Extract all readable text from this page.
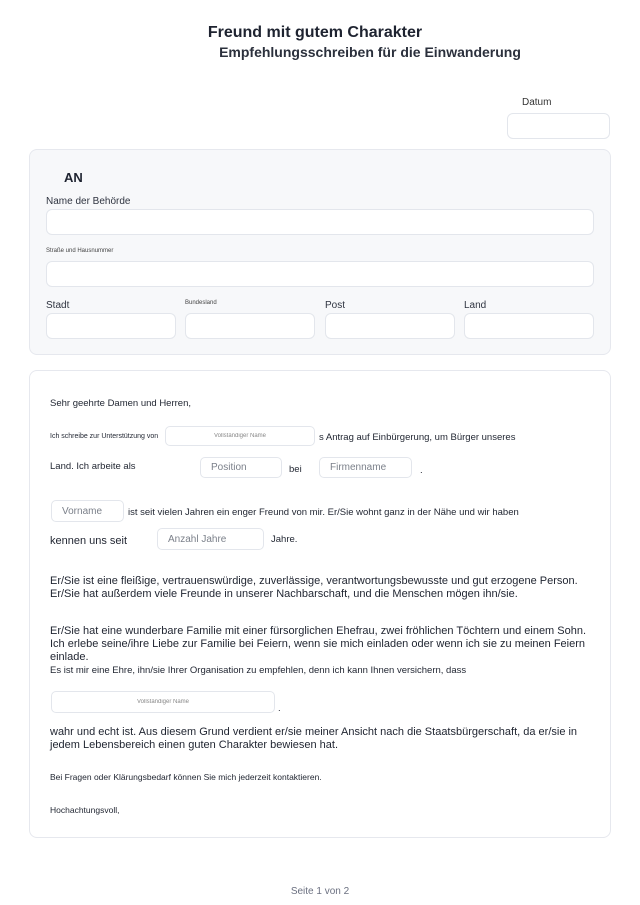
Freund mit gutem Charakter
Empfehlungsschreiben für die Einwanderung
Datum
AN
Name der Behörde
Straße und Hausnummer
Stadt	Bundesland	Post	Land
Sehr geehrte Damen und Herren,
Ich schreibe zur Unterstützung von
Vollständiger Name	s Antrag auf Einbürgerung, um Bürger unseres
Land. Ich arbeite als
Position	bei
Firmenname	.
Vorname
ist seit vielen Jahren ein enger Freund von mir. Er/Sie wohnt ganz in der Nähe und wir haben
kennen uns seit
Anzahl Jahre	Jahre.
Er/Sie ist eine fleißige, vertrauenswürdige, zuverlässige, verantwortungsbewusste und gut erzogene Person. Er/Sie hat außerdem viele Freunde in unserer Nachbarschaft, und die Menschen mögen ihn/sie.
Er/Sie hat eine wunderbare Familie mit einer fürsorglichen Ehefrau, zwei fröhlichen Töchtern und einem Sohn. Ich erlebe seine/ihre Liebe zur Familie bei Feiern, wenn sie mich einladen oder wenn ich sie zu meinen Feiern einlade.
Es ist mir eine Ehre, ihn/sie Ihrer Organisation zu empfehlen, denn ich kann Ihnen versichern, dass
Vollständiger Name
.
wahr und echt ist. Aus diesem Grund verdient er/sie meiner Ansicht nach die Staatsbürgerschaft, da er/sie in jedem Lebensbereich einen guten Charakter bewiesen hat.
Bei Fragen oder Klärungsbedarf können Sie mich jederzeit kontaktieren.
Hochachtungsvoll,
Seite 1 von 2
